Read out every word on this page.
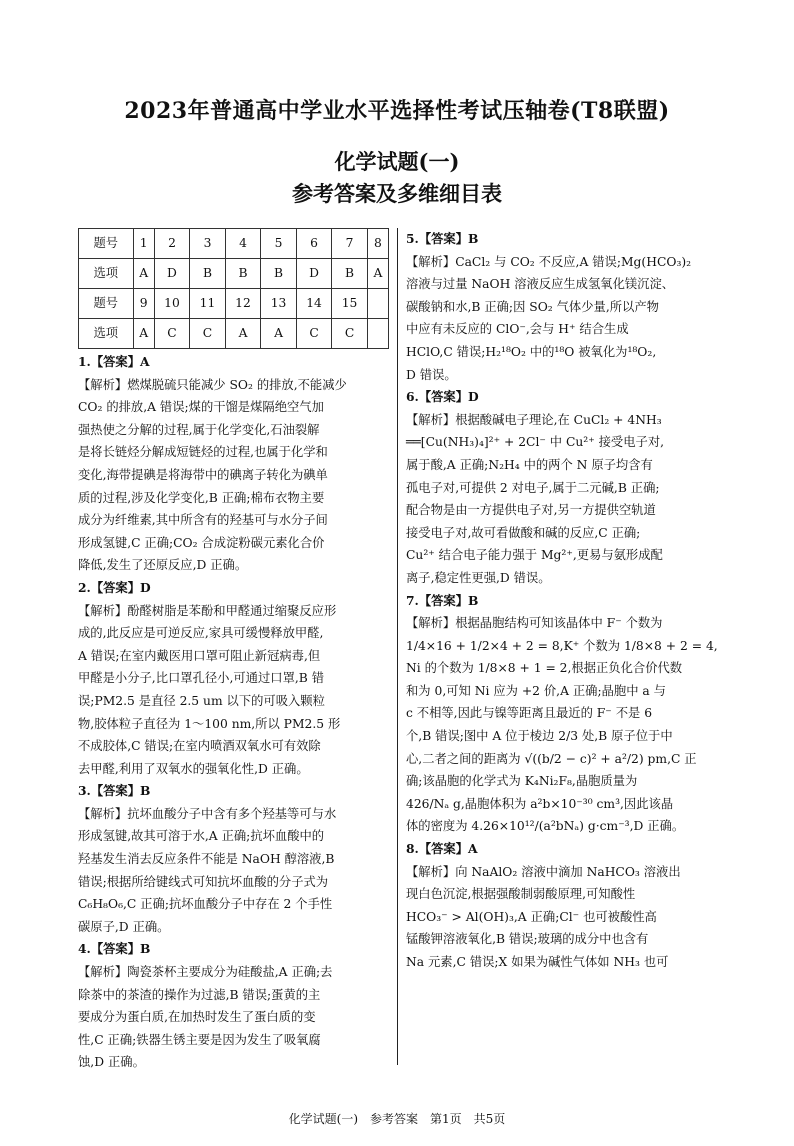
2023年普通高中学业水平选择性考试压轴卷(T8联盟)
化学试题(一)
参考答案及多维细目表
题号	1	2	3	4	5	6	7	8
选项	A	D	B	B	B	D	B	A
题号	9	10	11	12	13	14	15	
选项	A	C	C	A	A	C	C	
1.【答案】A

【解析】燃煤脱硫只能减少 SO₂ 的排放,不能减少

CO₂ 的排放,A 错误;煤的干馏是煤隔绝空气加

强热使之分解的过程,属于化学变化,石油裂解

是将长链烃分解成短链烃的过程,也属于化学和

变化,海带提碘是将海带中的碘离子转化为碘单

质的过程,涉及化学变化,B 正确;棉布衣物主要

成分为纤维素,其中所含有的羟基可与水分子间

形成氢键,C 正确;CO₂ 合成淀粉碳元素化合价

降低,发生了还原反应,D 正确。

2.【答案】D

【解析】酚醛树脂是苯酚和甲醛通过缩聚反应形

成的,此反应是可逆反应,家具可缓慢释放甲醛,

A 错误;在室内戴医用口罩可阻止新冠病毒,但

甲醛是小分子,比口罩孔径小,可通过口罩,B 错

误;PM2.5 是直径 2.5 um 以下的可吸入颗粒

物,胶体粒子直径为 1～100 nm,所以 PM2.5 形

不成胶体,C 错误;在室内喷酒双氧水可有效除

去甲醛,利用了双氧水的强氧化性,D 正确。

3.【答案】B

【解析】抗坏血酸分子中含有多个羟基等可与水

形成氢键,故其可溶于水,A 正确;抗坏血酸中的

羟基发生消去反应条件不能是 NaOH 醇溶液,B

错误;根据所给键线式可知抗坏血酸的分子式为

C₆H₈O₆,C 正确;抗坏血酸分子中存在 2 个手性

碳原子,D 正确。

4.【答案】B

【解析】陶瓷茶杯主要成分为硅酸盐,A 正确;去

除茶中的茶渣的操作为过滤,B 错误;蛋黄的主

要成分为蛋白质,在加热时发生了蛋白质的变

性,C 正确;铁器生锈主要是因为发生了吸氧腐

蚀,D 正确。

5.【答案】B

【解析】CaCl₂ 与 CO₂ 不反应,A 错误;Mg(HCO₃)₂

溶液与过量 NaOH 溶液反应生成氢氧化镁沉淀、

碳酸钠和水,B 正确;因 SO₂ 气体少量,所以产物

中应有未反应的 ClO⁻,会与 H⁺ 结合生成

HClO,C 错误;H₂¹⁸O₂ 中的¹⁸O 被氧化为¹⁸O₂,

D 错误。

6.【答案】D

【解析】根据酸碱电子理论,在 CuCl₂ + 4NH₃

══[Cu(NH₃)₄]²⁺ + 2Cl⁻ 中 Cu²⁺ 接受电子对,

属于酸,A 正确;N₂H₄ 中的两个 N 原子均含有

孤电子对,可提供 2 对电子,属于二元碱,B 正确;

配合物是由一方提供电子对,另一方提供空轨道

接受电子对,故可看做酸和碱的反应,C 正确;

Cu²⁺ 结合电子能力强于 Mg²⁺,更易与氨形成配

离子,稳定性更强,D 错误。

7.【答案】B

【解析】根据晶胞结构可知该晶体中 F⁻ 个数为

1/4×16 + 1/2×4 + 2 = 8,K⁺ 个数为 1/8×8 + 2 = 4,

Ni 的个数为 1/8×8 + 1 = 2,根据正负化合价代数

和为 0,可知 Ni 应为 +2 价,A 正确;晶胞中 a 与

c 不相等,因此与镍等距离且最近的 F⁻ 不是 6

个,B 错误;图中 A 位于棱边 2/3 处,B 原子位于中

心,二者之间的距离为 √((b/2 − c)² + a²/2) pm,C 正

确;该晶胞的化学式为 K₄Ni₂F₈,晶胞质量为

426/Nₐ g,晶胞体积为 a²b×10⁻³⁰ cm³,因此该晶

体的密度为 4.26×10¹²/(a²bNₐ) g·cm⁻³,D 正确。

8.【答案】A

【解析】向 NaAlO₂ 溶液中滴加 NaHCO₃ 溶液出

现白色沉淀,根据强酸制弱酸原理,可知酸性

HCO₃⁻ > Al(OH)₃,A 正确;Cl⁻ 也可被酸性高

锰酸钾溶液氧化,B 错误;玻璃的成分中也含有

Na 元素,C 错误;X 如果为碱性气体如 NH₃ 也可

化学试题(一)　参考答案　第1页　共5页
